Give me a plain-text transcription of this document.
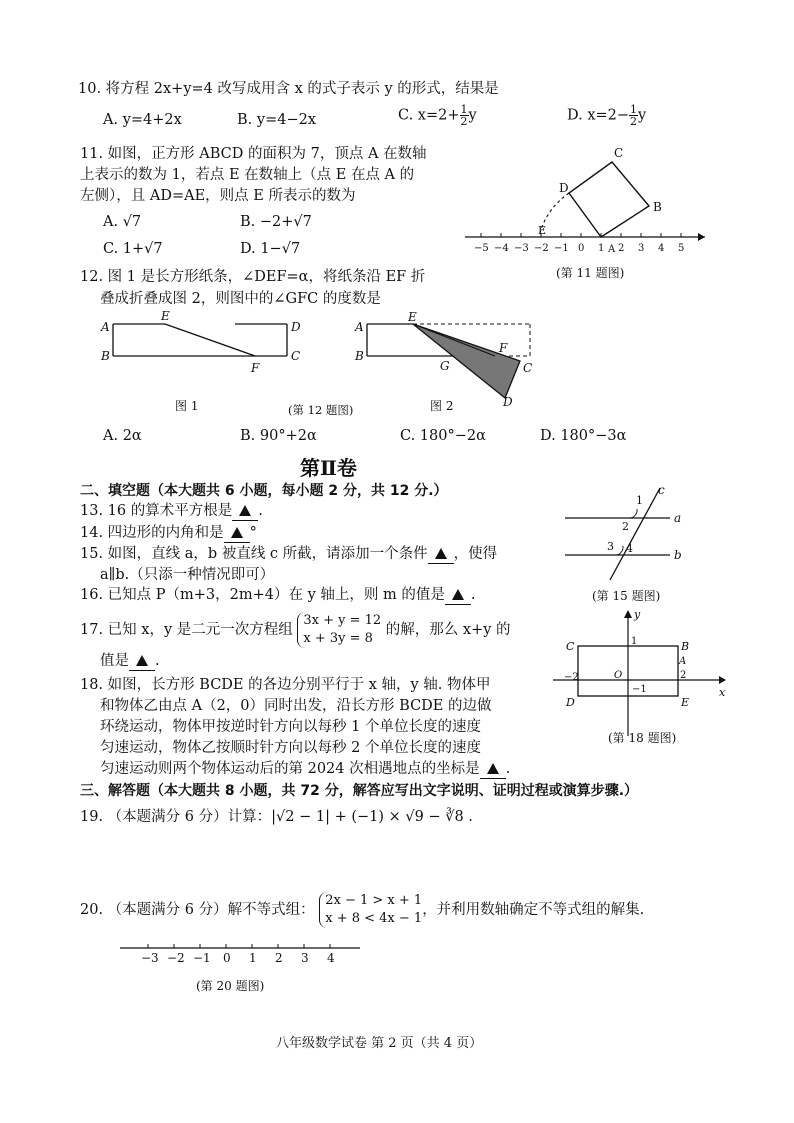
10. 将方程 2x+y=4 改写成用含 x 的式子表示 y 的形式，结果是
A. y=4+2x	B. y=4−2x	C. $x=2+ \frac{1}{2}$ y	D. $x=2- \frac{1}{2}$ y
11. 如图，正方形 ABCD 的面积为 7，顶点 A 在数轴
上表示的数为 1，若点 E 在数轴上（点 E 在点 A 的
左侧），且 AD=AE，则点 E 所表示的数为
A. √7	B. −2+√7
C. 1+√7	D. 1−√7	−5 −4 −3 −2 −1 0 1 2 3 4 5
C
D
B
E
A
(第 11 题图)
12. 图 1 是长方形纸条，∠DEF=α，将纸条沿 EF 折
叠成折叠成图 2，则图中的∠GFC 的度数是
A
B
E
F
D
C
图 1	(第 12 题图)
A
B
E
F
G	C
D
图 2
A. 2α	B. 90°+2α	C. 180°−2α	D. 180°−3α
第Ⅱ卷
二、填空题（本大题共 6 小题，每小题 2 分，共 12 分.）
13. 16 的算术平方根是 .
14. 四边形的内角和是 °
15. 如图，直线 a，b 被直线 c 所截，请添加一个条件 ，使得
a∥b.（只添一种情况即可）
16. 已知点 P（m+3，2m+4）在 y 轴上，则 m 的值是 .
17. 已知 x，y 是二元一次方程组 3x + y = 12
x + 3y = 8 的解，那么 x+y 的
值是 .
1
2
3 4
c
a
b
(第 15 题图)
18. 如图，长方形 BCDE 的各边分别平行于 x 轴，y 轴. 物体甲
和物体乙由点 A（2，0）同时出发，沿长方形 BCDE 的边做
环绕运动，物体甲按逆时针方向以每秒 1 个单位长度的速度
匀速运动，物体乙按顺时针方向以每秒 2 个单位长度的速度
匀速运动则两个物体运动后的第 2024 次相遇地点的坐标是 .
x
y
C	B
A
D	E
1
−1
−2	2
O
(第 18 题图)
三、解答题（本大题共 8 小题，共 72 分，解答应写出文字说明、证明过程或演算步骤.）
19. （本题满分 6 分）计算：|√2 − 1| + (−1) × √9 − ∛8 .
20. （本题满分 6 分）解不等式组： 2x − 1 > x + 1
x + 8 < 4x − 1，并利用数轴确定不等式组的解集.
−3 −2 −1 0 1 2 3 4
(第 20 题图)
八年级数学试卷 第 2 页（共 4 页）
